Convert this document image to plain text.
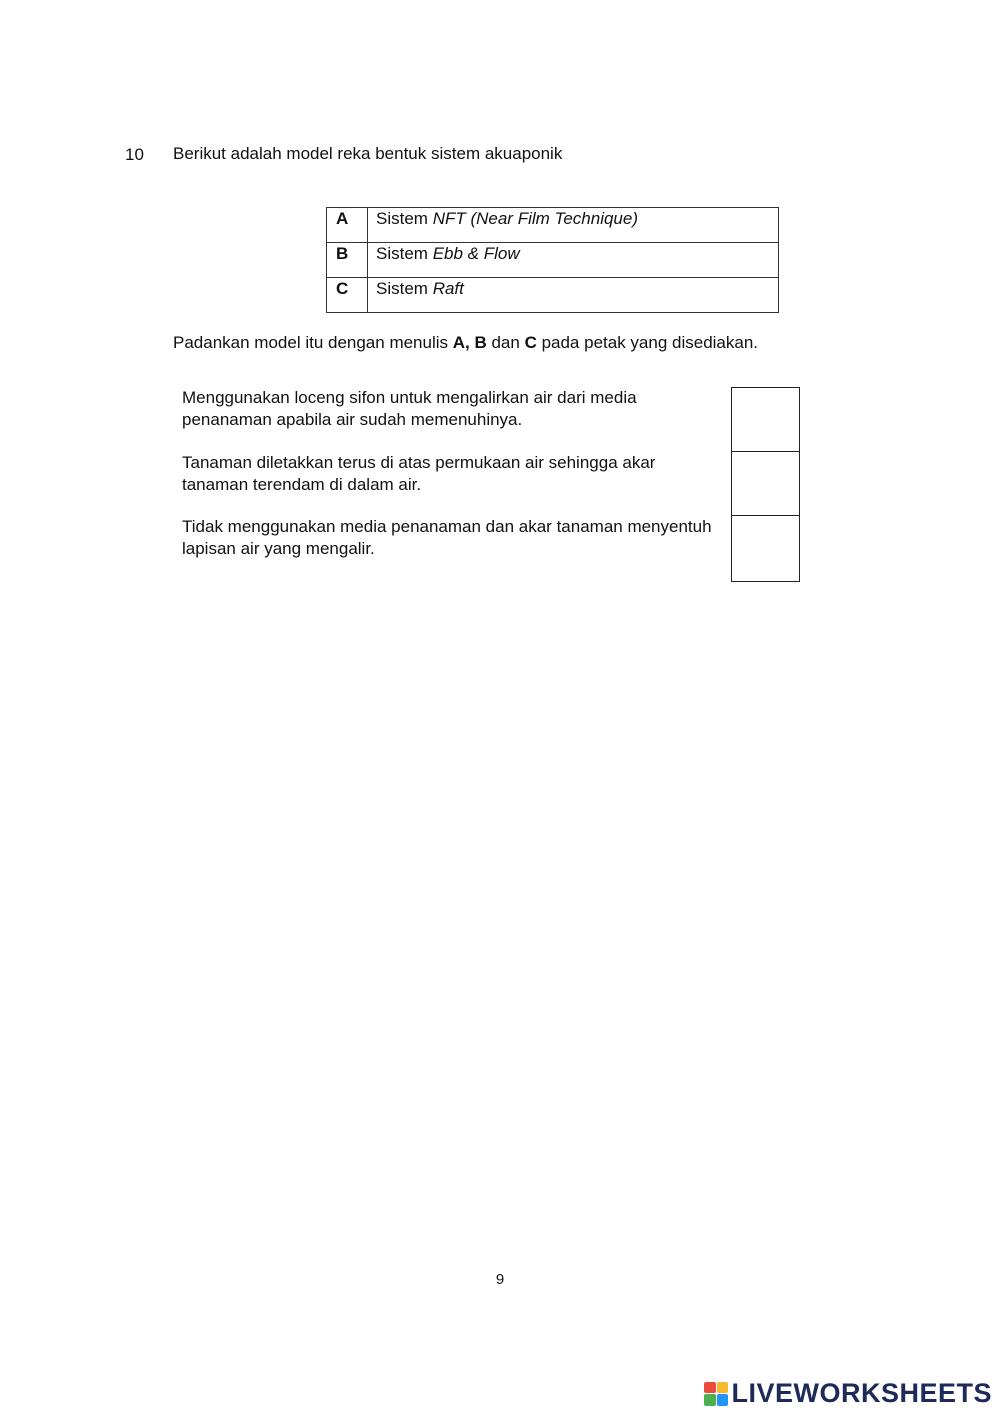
10 Berikut adalah model reka bentuk sistem akuaponik
A	Sistem NFT (Near Film Technique)
B	Sistem Ebb & Flow
C	Sistem Raft
Padankan model itu dengan menulis A, B dan C pada petak yang disediakan.
Menggunakan loceng sifon untuk mengalirkan air dari media penanaman apabila air sudah memenuhinya.
Tanaman diletakkan terus di atas permukaan air sehingga akar tanaman terendam di dalam air.
Tidak menggunakan media penanaman dan akar tanaman menyentuh lapisan air yang mengalir.
9
LIVEWORKSHEETS
